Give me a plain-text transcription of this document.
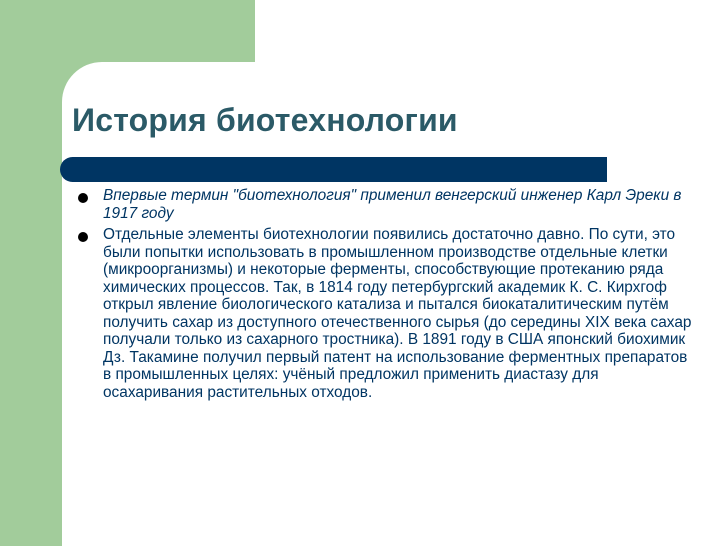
История биотехнологии
Впервые термин "биотехнология" применил венгерский инженер Карл Эреки в 1917 году
Отдельные элементы биотехнологии появились достаточно давно. По сути, это были попытки использовать в промышленном производстве отдельные клетки (микроорганизмы) и некоторые ферменты, способствующие протеканию ряда химических процессов. Так, в 1814 году петербургский академик К. С. Кирхгоф открыл явление биологического катализа и пытался биокаталитическим путём получить сахар из доступного отечественного сырья (до середины XIX века сахар получали только из сахарного тростника). В 1891 году в США японский биохимик Дз. Такамине получил первый патент на использование ферментных препаратов в промышленных целях: учёный предложил применить диастазу для осахаривания растительных отходов.
